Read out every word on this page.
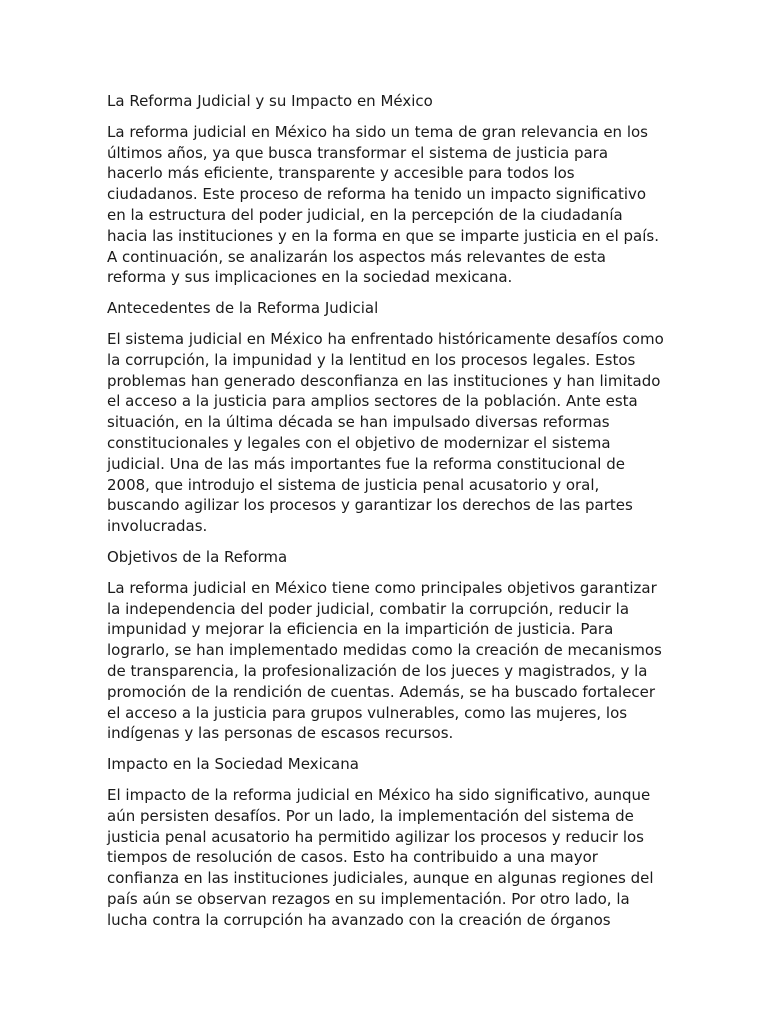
La Reforma Judicial y su Impacto en México

La reforma judicial en México ha sido un tema de gran relevancia en los últimos años, ya que busca transformar el sistema de justicia para hacerlo más eficiente, transparente y accesible para todos los ciudadanos. Este proceso de reforma ha tenido un impacto significativo en la estructura del poder judicial, en la percepción de la ciudadanía hacia las instituciones y en la forma en que se imparte justicia en el país. A continuación, se analizarán los aspectos más relevantes de esta reforma y sus implicaciones en la sociedad mexicana.

Antecedentes de la Reforma Judicial

El sistema judicial en México ha enfrentado históricamente desafíos como la corrupción, la impunidad y la lentitud en los procesos legales. Estos problemas han generado desconfianza en las instituciones y han limitado el acceso a la justicia para amplios sectores de la población. Ante esta situación, en la última década se han impulsado diversas reformas constitucionales y legales con el objetivo de modernizar el sistema judicial. Una de las más importantes fue la reforma constitucional de 2008, que introdujo el sistema de justicia penal acusatorio y oral, buscando agilizar los procesos y garantizar los derechos de las partes involucradas.

Objetivos de la Reforma

La reforma judicial en México tiene como principales objetivos garantizar la independencia del poder judicial, combatir la corrupción, reducir la impunidad y mejorar la eficiencia en la impartición de justicia. Para lograrlo, se han implementado medidas como la creación de mecanismos de transparencia, la profesionalización de los jueces y magistrados, y la promoción de la rendición de cuentas. Además, se ha buscado fortalecer el acceso a la justicia para grupos vulnerables, como las mujeres, los indígenas y las personas de escasos recursos.

Impacto en la Sociedad Mexicana

El impacto de la reforma judicial en México ha sido significativo, aunque aún persisten desafíos. Por un lado, la implementación del sistema de justicia penal acusatorio ha permitido agilizar los procesos y reducir los tiempos de resolución de casos. Esto ha contribuido a una mayor confianza en las instituciones judiciales, aunque en algunas regiones del país aún se observan rezagos en su implementación. Por otro lado, la lucha contra la corrupción ha avanzado con la creación de órganos
